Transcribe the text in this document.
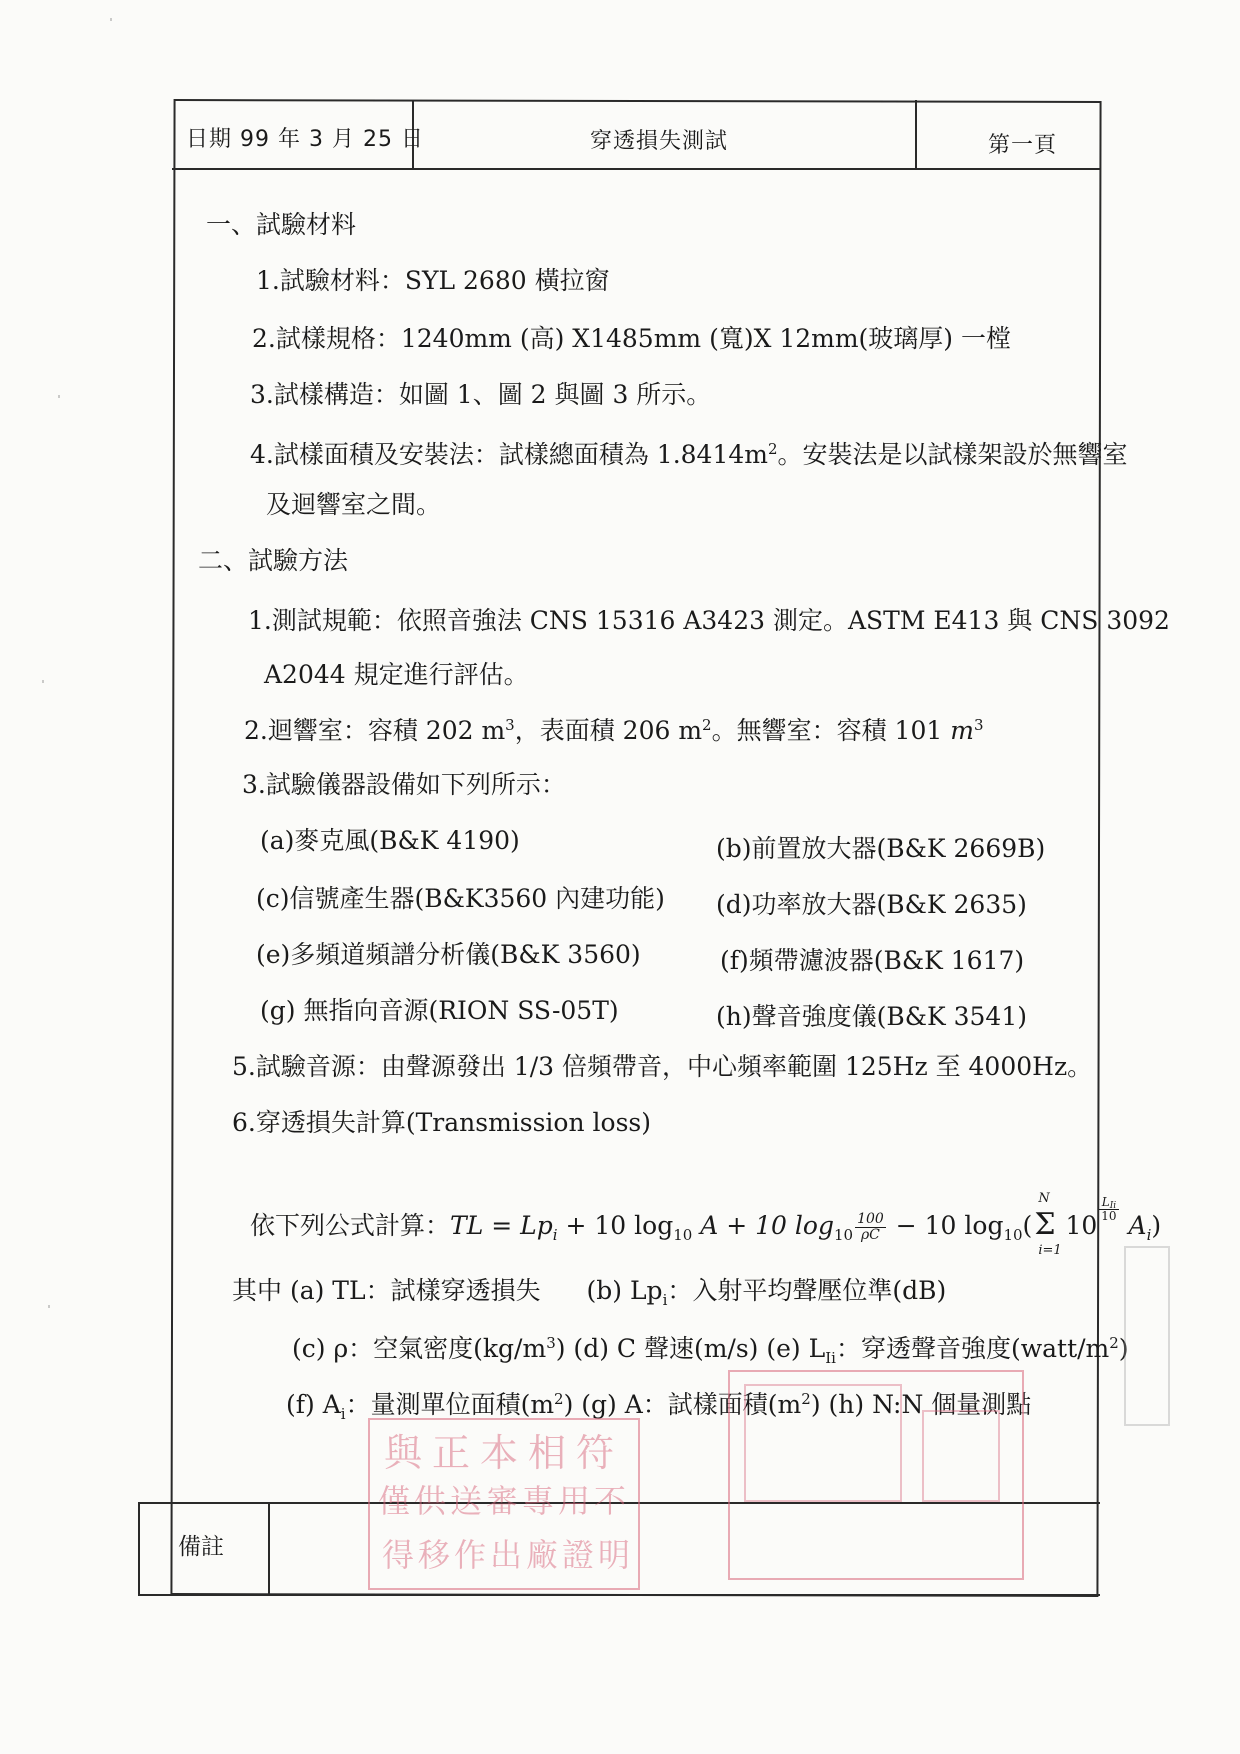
日期 99 年 3 月 25 日	穿透損失測試	第一頁
一、試驗材料
1.試驗材料：SYL 2680 橫拉窗
2.試樣規格：1240mm (高) X1485mm (寬)X 12mm(玻璃厚) 一樘
3.試樣構造：如圖 1、圖 2 與圖 3 所示。
4.試樣面積及安裝法：試樣總面積為 $1.8414m^2$。安裝法是以試樣架設於無響室
及迴響室之間。
二、試驗方法
1.測試規範：依照音強法 CNS 15316 A3423 測定。ASTM E413 與 CNS 3092
A2044 規定進行評估。
2.迴響室：容積 202 $m^3$，表面積 206 $m^2$。無響室：容積 101 $m^3$
3.試驗儀器設備如下列所示：
(a)麥克風(B&K 4190)	(b)前置放大器(B&K 2669B)
(c)信號產生器(B&K3560 內建功能) (d)功率放大器(B&K 2635)
(e)多頻道頻譜分析儀(B&K 3560)	(f)頻帶濾波器(B&K 1617)
(g) 無指向音源(RION SS-05T)	(h)聲音強度儀(B&K 3541)
5.試驗音源：由聲源發出 1/3 倍頻帶音，中心頻率範圍 125Hz 至 4000Hz。
6.穿透損失計算(Transmission loss)
依下列公式計算：TL = $Lp_i + 10$ $\log_{10} A + 10$ $\log_{10} \frac{100}{\rho C} - 10$ $\log_{10}(\Sigma$
N
i=1
10
$\frac{L_{Ii}}{10}$
$A_i$)
其中 (a) TL：試樣穿透損失 (b) $Lp_i$：入射平均聲壓位準(dB)
(c) ρ：空氣密度$(kg/m^3)$ (d) C 聲速(m/s) (e) $L_{Ii}$：穿透聲音強度$(watt/m^2)$
(f) $A_i$：量測單位面積$(m^2)$ (g) A：試樣面積$(m^2)$ (h) N:N 個量測點
備註
與正本相符
僅供送審專用不
得移作出廠證明
